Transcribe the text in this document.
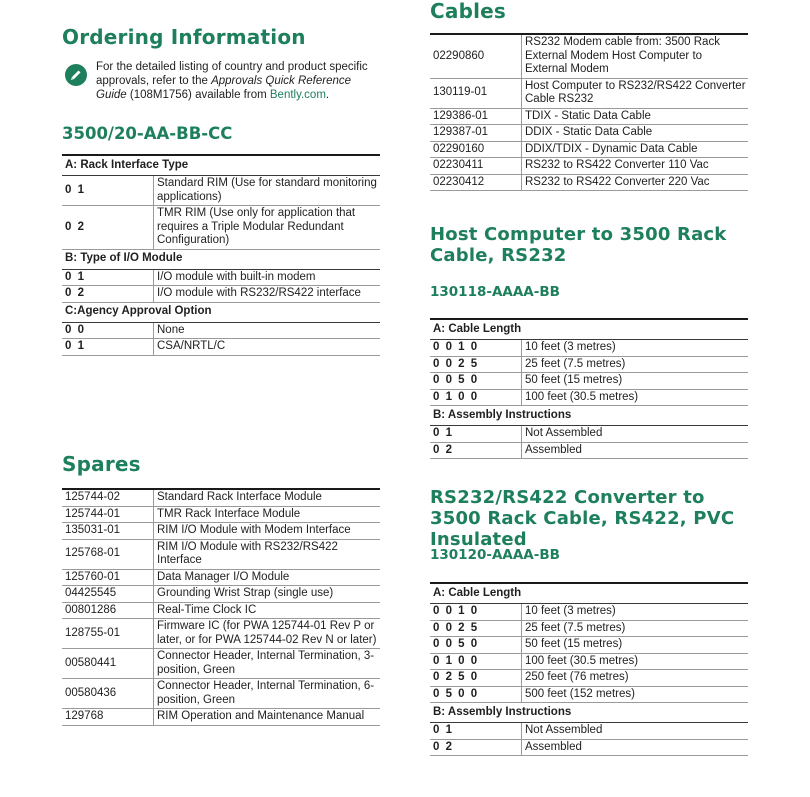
Ordering Information
For the detailed listing of country and product specific approvals, refer to the Approvals Quick Reference Guide (108M1756) available from Bently.com.
3500/20-AA-BB-CC
A: Rack Interface Type	
0 1	Standard RIM (Use for standard monitoring applications)
0 2	TMR RIM (Use only for application that requires a Triple Modular Redundant Configuration)
B: Type of I/O Module	
0 1	I/O module with built-in modem
0 2	I/O module with RS232/RS422 interface
C:Agency Approval Option	
0 0	None
0 1	CSA/NRTL/C
Spares
125744-02	Standard Rack Interface Module
125744-01	TMR Rack Interface Module
135031-01	RIM I/O Module with Modem Interface
125768-01	RIM I/O Module with RS232/RS422 Interface
125760-01	Data Manager I/O Module
04425545	Grounding Wrist Strap (single use)
00801286	Real-Time Clock IC
128755-01	Firmware IC (for PWA 125744-01 Rev P or later, or for PWA 125744-02 Rev N or later)
00580441	Connector Header, Internal Termination, 3-position, Green
00580436	Connector Header, Internal Termination, 6-position, Green
129768	RIM Operation and Maintenance Manual
Cables
02290860	RS232 Modem cable from: 3500 Rack External Modem Host Computer to External Modem
130119-01	Host Computer to RS232/RS422 Converter Cable RS232
129386-01	TDIX - Static Data Cable
129387-01	DDIX - Static Data Cable
02290160	DDIX/TDIX - Dynamic Data Cable
02230411	RS232 to RS422 Converter 110 Vac
02230412	RS232 to RS422 Converter 220 Vac
Host Computer to 3500 Rack Cable, RS232
130118-AAAA-BB
A: Cable Length	
0 0 1 0	10 feet (3 metres)
0 0 2 5	25 feet (7.5 metres)
0 0 5 0	50 feet (15 metres)
0 1 0 0	100 feet (30.5 metres)
B: Assembly Instructions	
0 1	Not Assembled
0 2	Assembled
RS232/RS422 Converter to 3500 Rack Cable, RS422, PVC Insulated
130120-AAAA-BB
A: Cable Length	
0 0 1 0	10 feet (3 metres)
0 0 2 5	25 feet (7.5 metres)
0 0 5 0	50 feet (15 metres)
0 1 0 0	100 feet (30.5 metres)
0 2 5 0	250 feet (76 metres)
0 5 0 0	500 feet (152 metres)
B: Assembly Instructions	
0 1	Not Assembled
0 2	Assembled
